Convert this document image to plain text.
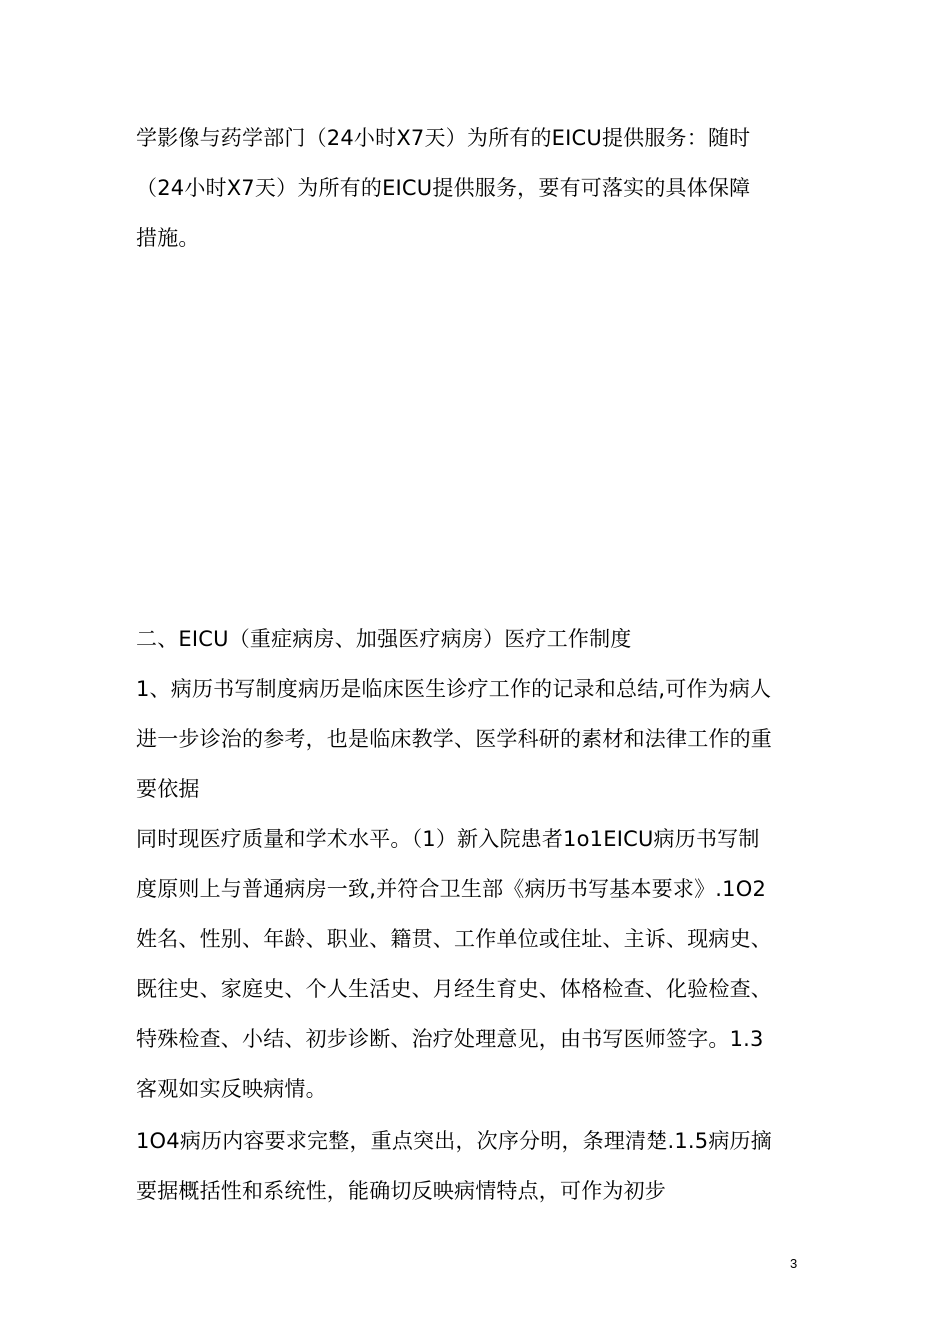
学影像与药学部门（24小时X7天）为所有的EICU提供服务：随时
（24小时X7天）为所有的EICU提供服务，要有可落实的具体保障
措施。
二、EICU（重症病房、加强医疗病房）医疗工作制度
1、病历书写制度病历是临床医生诊疗工作的记录和总结,可作为病人
进一步诊治的参考，也是临床教学、医学科研的素材和法律工作的重
要依据
同时现医疗质量和学术水平。（1）新入院患者1o1EICU病历书写制
度原则上与普通病房一致,并符合卫生部《病历书写基本要求》.1O2
姓名、性别、年龄、职业、籍贯、工作单位或住址、主诉、现病史、
既往史、家庭史、个人生活史、月经生育史、体格检查、化验检查、
特殊检查、小结、初步诊断、治疗处理意见，由书写医师签字。1.3
客观如实反映病情。
1O4病历内容要求完整，重点突出，次序分明，条理清楚.1.5病历摘
要据概括性和系统性，能确切反映病情特点，可作为初步
3
